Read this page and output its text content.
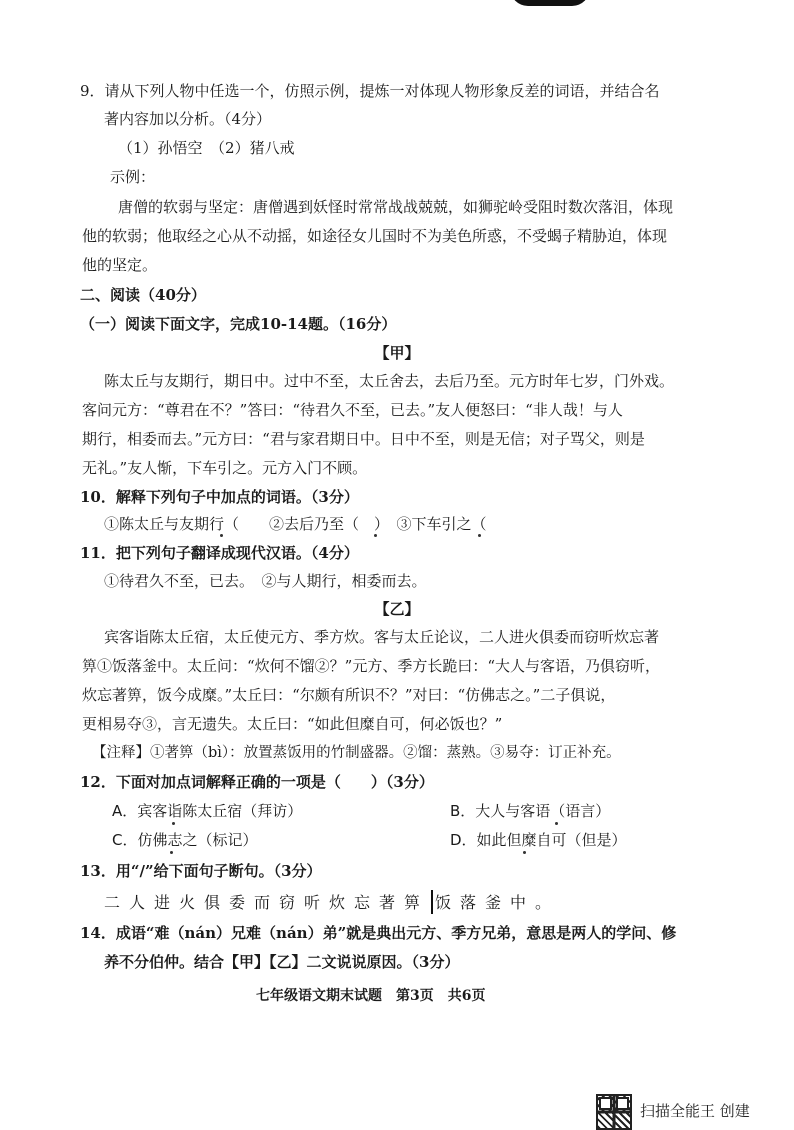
9．请从下列人物中任选一个，仿照示例，提炼一对体现人物形象反差的词语，并结合名
著内容加以分析。（4分）
（1）孙悟空　（2）猪八戒
示例：
唐僧的软弱与坚定：唐僧遇到妖怪时常常战战兢兢，如狮驼岭受阻时数次落泪，体现
他的软弱；他取经之心从不动摇，如途径女儿国时不为美色所惑，不受蝎子精胁迫，体现
他的坚定。
二、阅读（40分）
（一）阅读下面文字，完成10-14题。（16分）
【甲】
陈太丘与友期行，期日中。过中不至，太丘舍去，去后乃至。元方时年七岁，门外戏。
客问元方：“尊君在不？”答曰：“待君久不至，已去。”友人便怒曰：“非人哉！与人
期行，相委而去。”元方曰：“君与家君期日中。日中不至，则是无信；对子骂父，则是
无礼。”友人惭，下车引之。元方入门不顾。
10．解释下列句子中加点的词语。（3分）
①陈太丘与友期行（　　②去后乃至（　）　③下车引之（
11．把下列句子翻译成现代汉语。（4分）
①待君久不至，已去。　②与人期行，相委而去。
【乙】
宾客诣陈太丘宿，太丘使元方、季方炊。客与太丘论议，二人进火俱委而窃听炊忘著
箅①饭落釜中。太丘问：“炊何不馏②？”元方、季方长跪曰：“大人与客语，乃俱窃听，
炊忘著箅，饭今成糜。”太丘曰：“尔颇有所识不？”对曰：“仿佛志之。”二子俱说，
更相易夺③，言无遗失。太丘曰：“如此但糜自可，何必饭也？”
【注释】①著箅（bì）：放置蒸饭用的竹制盛器。②馏：蒸熟。③易夺：订正补充。
12．下面对加点词解释正确的一项是（　　）（3分）
A．宾客诣陈太丘宿（拜访）	B．大人与客语（语言）
C．仿佛志之（标记）	D．如此但糜自可（但是）
13．用“/”给下面句子断句。（3分）
二人进火俱委而窃听炊忘著箅 饭落釜中。
14．成语“难（nán）兄难（nán）弟”就是典出元方、季方兄弟，意思是两人的学问、修
养不分伯仲。结合【甲】【乙】二文说说原因。（3分）
七年级语文期末试题　第3页　共6页
扫描全能王 创建
